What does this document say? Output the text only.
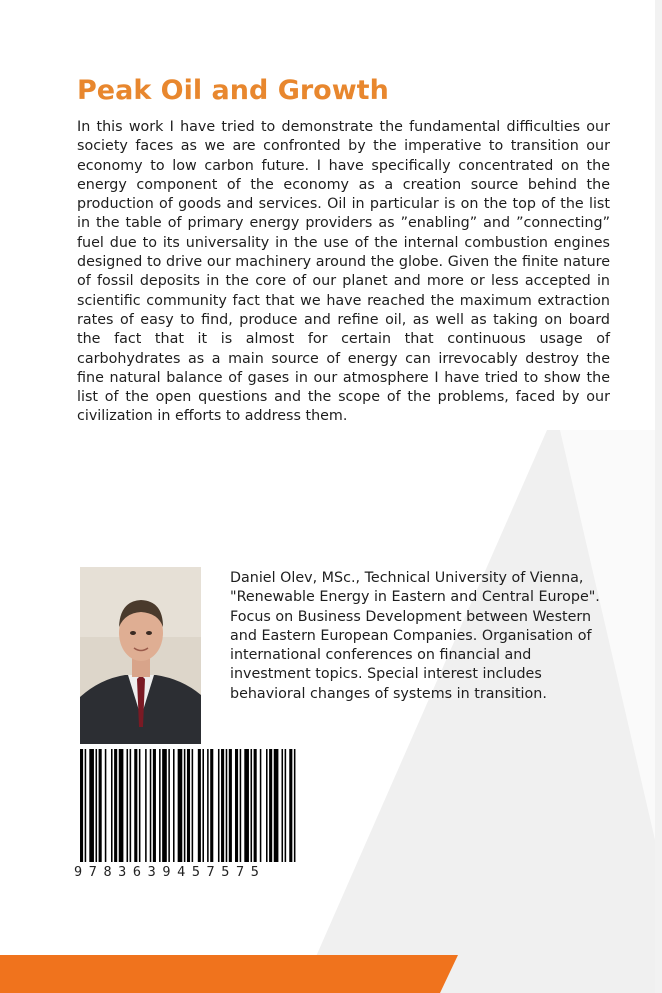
Peak Oil and Growth

In this work I have tried to demonstrate the fundamental difficulties our society faces as we are confronted by the imperative to transition our economy to low carbon future. I have specifically concentrated on the energy component of the economy as a creation source behind the production of goods and services. Oil in particular is on the top of the list in the table of primary energy providers as ”enabling” and ”connecting” fuel due to its universality in the use of the internal combustion engines designed to drive our machinery around the globe. Given the finite nature of fossil deposits in the core of our planet and more or less accepted in scientific community fact that we have reached the maximum extraction rates of easy to find, produce and refine oil, as well as taking on board the fact that it is almost for certain that continuous usage of carbohydrates as a main source of energy can irrevocably destroy the fine natural balance of gases in our atmosphere I have tried to show the list of the open questions and the scope of the problems, faced by our civilization in efforts to address them.

Daniel Olev, MSc., Technical University of Vienna, "Renewable Energy in Eastern and Central Europe". Focus on Business Development between Western and Eastern European Companies. Organisation of international conferences on financial and investment topics. Special interest includes behavioral changes of systems in transition.

9783639457575
